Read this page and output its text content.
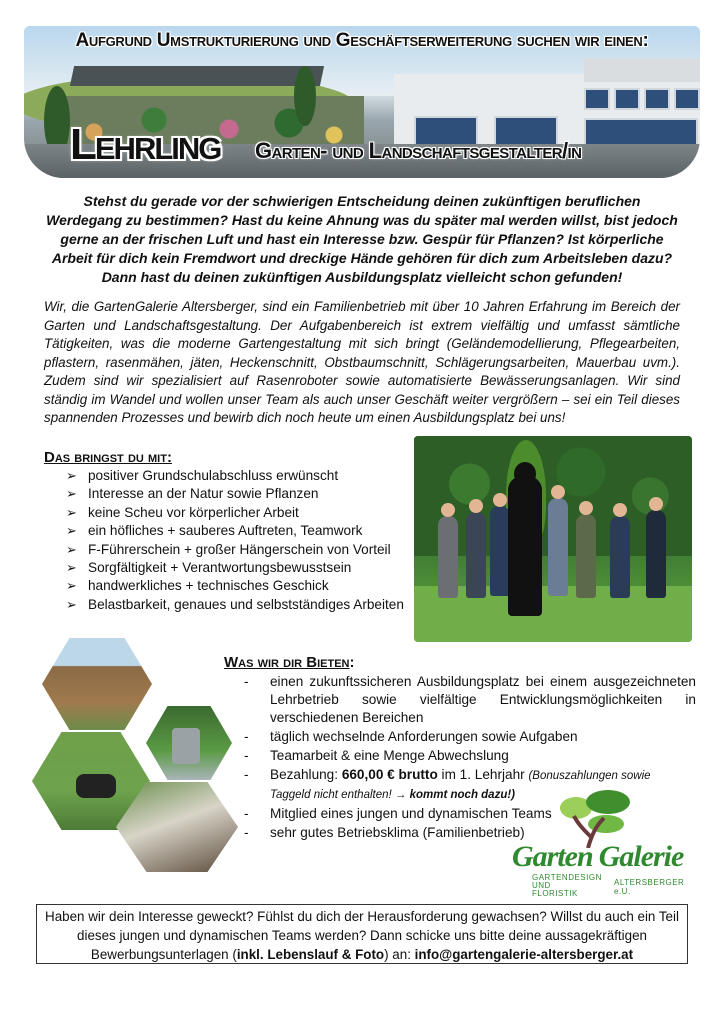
Aufgrund Umstrukturierung und Geschäftserweiterung suchen wir einen:
Lehrling Garten- und Landschaftsgestalter/in
Stehst du gerade vor der schwierigen Entscheidung deinen zukünftigen beruflichen Werdegang zu bestimmen? Hast du keine Ahnung was du später mal werden willst, bist jedoch gerne an der frischen Luft und hast ein Interesse bzw. Gespür für Pflanzen? Ist körperliche Arbeit für dich kein Fremdwort und dreckige Hände gehören für dich zum Arbeitsleben dazu? Dann hast du deinen zukünftigen Ausbildungsplatz vielleicht schon gefunden!
Wir, die GartenGalerie Altersberger, sind ein Familienbetrieb mit über 10 Jahren Erfahrung im Bereich der Garten und Landschaftsgestaltung. Der Aufgabenbereich ist extrem vielfältig und umfasst sämtliche Tätigkeiten, was die moderne Gartengestaltung mit sich bringt (Geländemodellierung, Pflegearbeiten, pflastern, rasenmähen, jäten, Heckenschnitt, Obstbaumschnitt, Schlägerungsarbeiten, Mauerbau uvm.). Zudem sind wir spezialisiert auf Rasenroboter sowie automatisierte Bewässerungsanlagen. Wir sind ständig im Wandel und wollen unser Team als auch unser Geschäft weiter vergrößern – sei ein Teil dieses spannenden Prozesses und bewirb dich noch heute um einen Ausbildungsplatz bei uns!
Das bringst du mit:
➢ positiver Grundschulabschluss erwünscht
➢ Interesse an der Natur sowie Pflanzen
➢ keine Scheu vor körperlicher Arbeit
➢ ein höfliches + sauberes Auftreten, Teamwork
➢ F-Führerschein + großer Hängerschein von Vorteil
➢ Sorgfältigkeit + Verantwortungsbewusstsein
➢ handwerkliches + technisches Geschick
➢ Belastbarkeit, genaues und selbstständiges Arbeiten
Was wir dir Bieten:
- einen zukunftssicheren Ausbildungsplatz bei einem ausgezeichneten Lehrbetrieb sowie vielfältige Entwicklungsmöglichkeiten in verschiedenen Bereichen
- täglich wechselnde Anforderungen sowie Aufgaben
- Teamarbeit & eine Menge Abwechslung
- Bezahlung: 660,00 € brutto im 1. Lehrjahr (Bonuszahlungen sowie Taggeld nicht enthalten! → kommt noch dazu!)
- Mitglied eines jungen und dynamischen Teams
- sehr gutes Betriebsklima (Familienbetrieb)
Garten Galerie
GARTENDESIGN UND FLORISTIK
ALTERSBERGER e.U.
Haben wir dein Interesse geweckt? Fühlst du dich der Herausforderung gewachsen? Willst du auch ein Teil dieses jungen und dynamischen Teams werden? Dann schicke uns bitte deine aussagekräftigen Bewerbungsunterlagen (inkl. Lebenslauf & Foto) an: info@gartengalerie-altersberger.at
